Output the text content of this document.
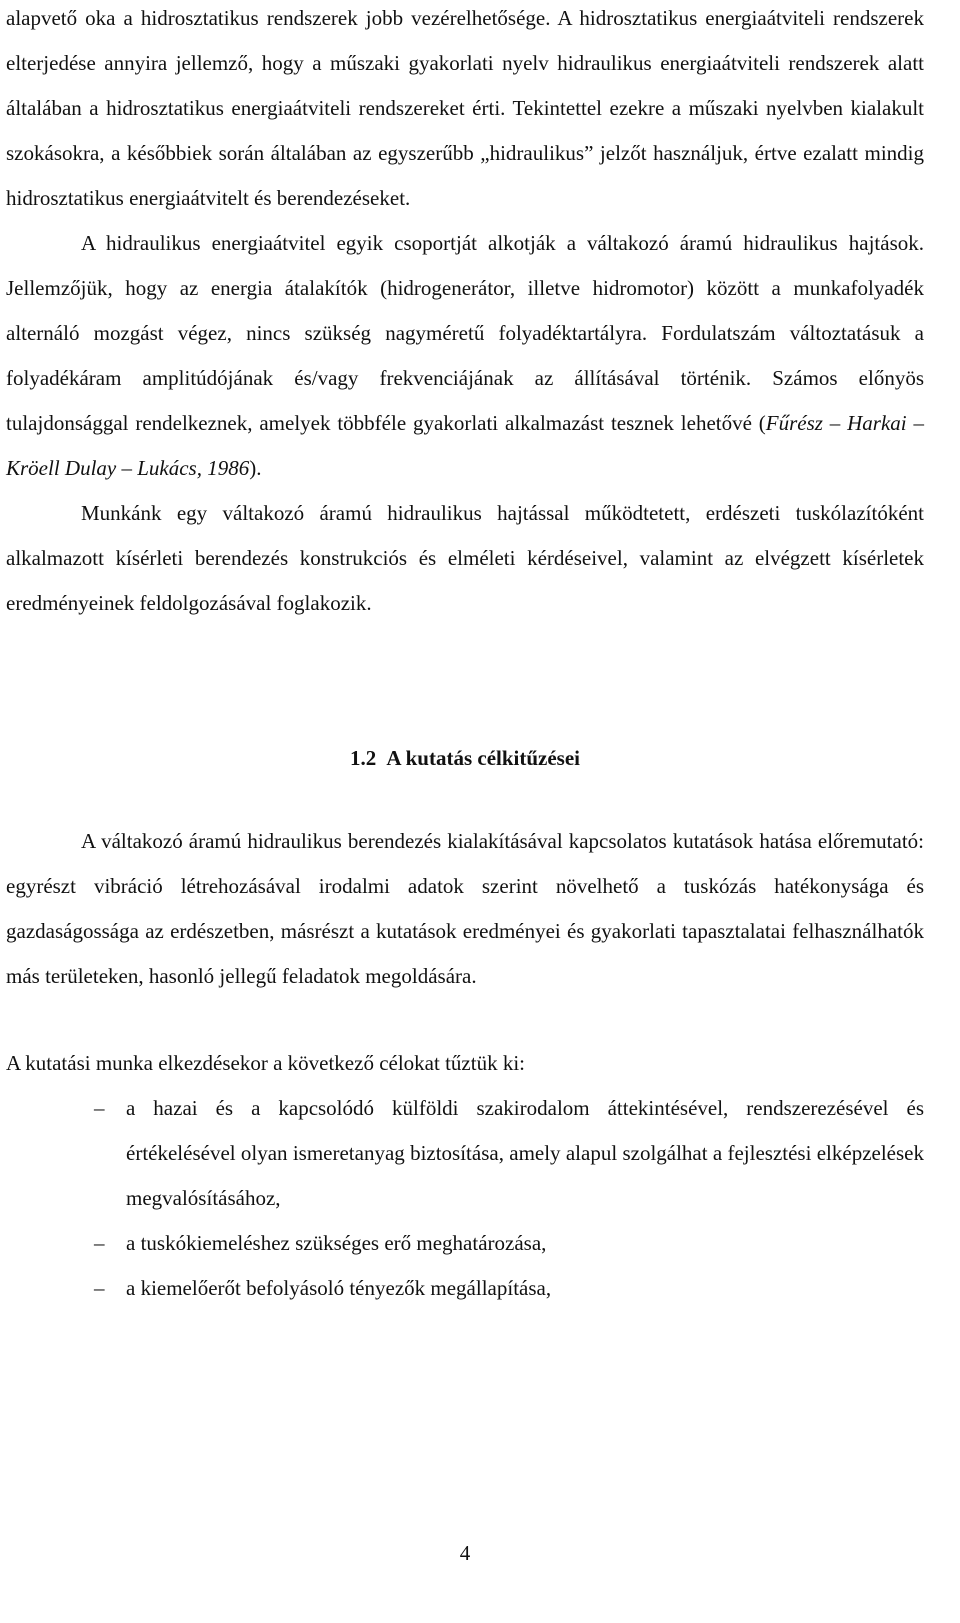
alapvető oka a hidrosztatikus rendszerek jobb vezérelhetősége. A hidrosztatikus energiaátviteli rendszerek elterjedése annyira jellemző, hogy a műszaki gyakorlati nyelv hidraulikus energiaátviteli rendszerek alatt általában a hidrosztatikus energiaátviteli rendszereket érti. Tekintettel ezekre a műszaki nyelvben kialakult szokásokra, a későbbiek során általában az egyszerűbb „hidraulikus” jelzőt használjuk, értve ezalatt mindig hidrosztatikus energiaátvitelt és berendezéseket.

A hidraulikus energiaátvitel egyik csoportját alkotják a váltakozó áramú hidraulikus hajtások. Jellemzőjük, hogy az energia átalakítók (hidrogenerátor, illetve hidromotor) között a munkafolyadék alternáló mozgást végez, nincs szükség nagyméretű folyadéktartályra. Fordulatszám változtatásuk a folyadékáram amplitúdójának és/vagy frekvenciájának az állításával történik. Számos előnyös tulajdonsággal rendelkeznek, amelyek többféle gyakorlati alkalmazást tesznek lehetővé (Fűrész – Harkai – Kröell Dulay – Lukács, 1986).

Munkánk egy váltakozó áramú hidraulikus hajtással működtetett, erdészeti tuskólazítóként alkalmazott kísérleti berendezés konstrukciós és elméleti kérdéseivel, valamint az elvégzett kísérletek eredményeinek feldolgozásával foglakozik.

1.2 A kutatás célkitűzései

A váltakozó áramú hidraulikus berendezés kialakításával kapcsolatos kutatások hatása előremutató: egyrészt vibráció létrehozásával irodalmi adatok szerint növelhető a tuskózás hatékonysága és gazdaságossága az erdészetben, másrészt a kutatások eredményei és gyakorlati tapasztalatai felhasználhatók más területeken, hasonló jellegű feladatok megoldására.

A kutatási munka elkezdésekor a következő célokat tűztük ki:

– a hazai és a kapcsolódó külföldi szakirodalom áttekintésével, rendszerezésével és értékelésével olyan ismeretanyag biztosítása, amely alapul szolgálhat a fejlesztési elképzelések megvalósításához,
– a tuskókiemeléshez szükséges erő meghatározása,
– a kiemelőerőt befolyásoló tényezők megállapítása,
4
